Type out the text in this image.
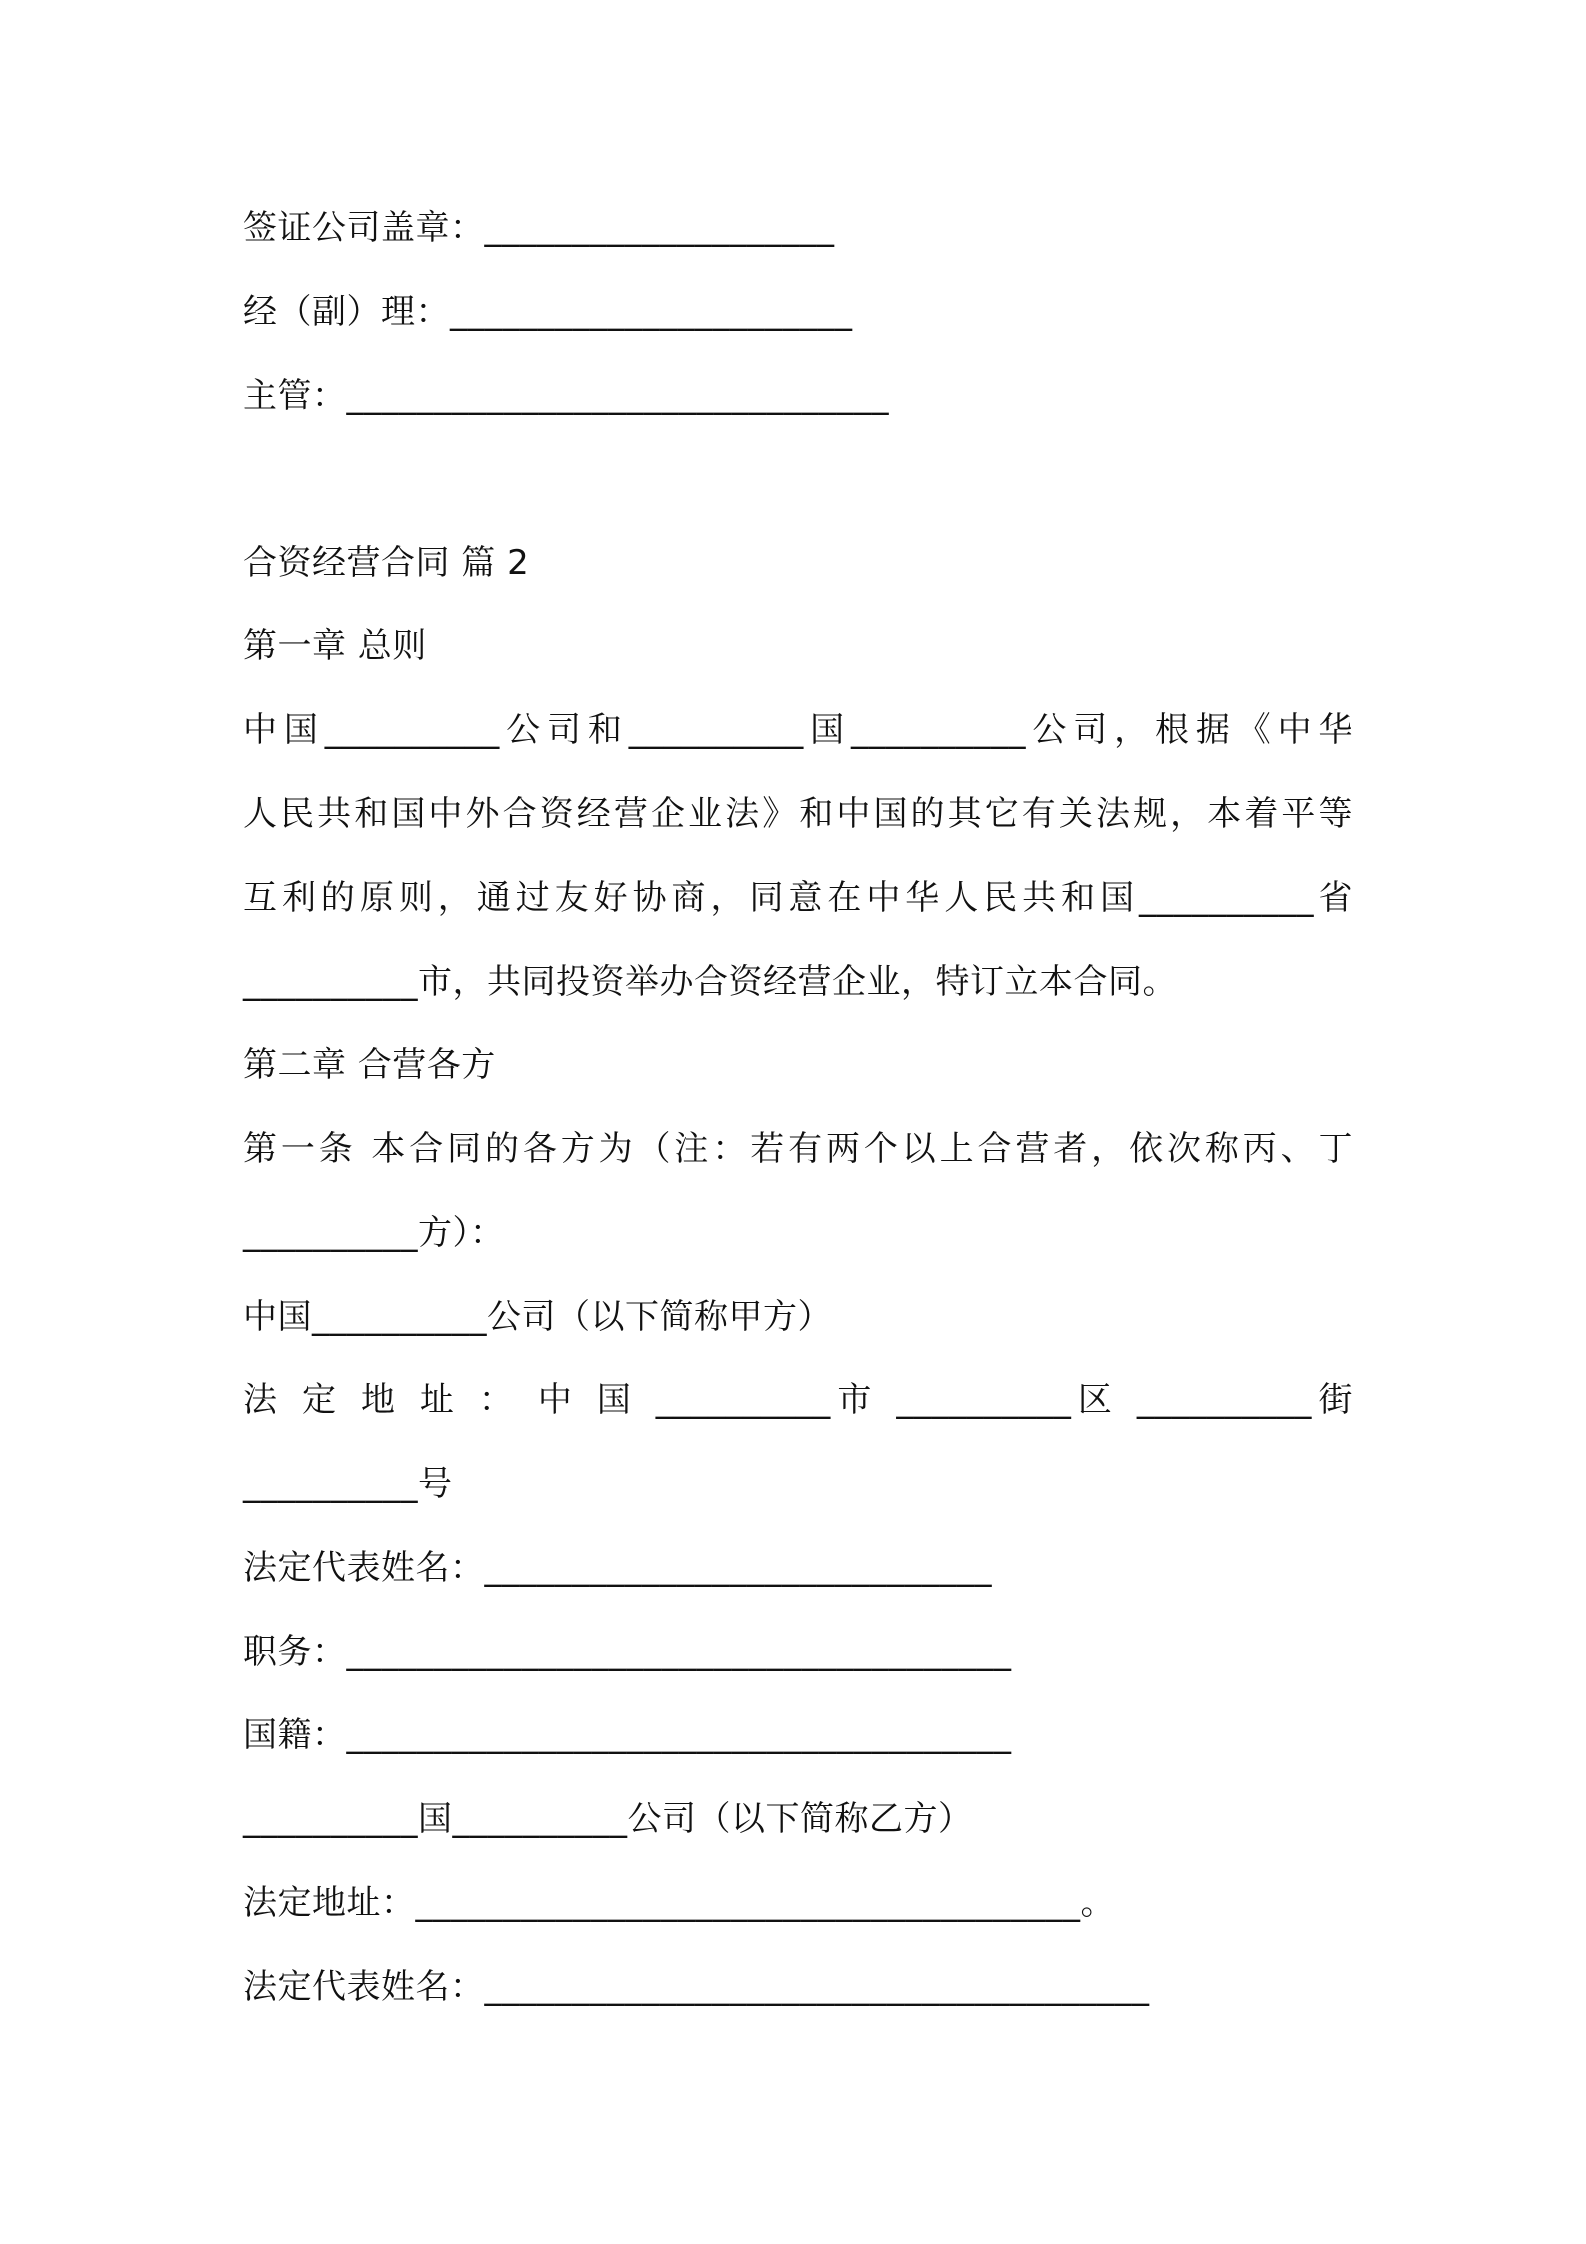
签证公司盖章：____________________
经（副）理：_______________________
主管：_______________________________
合资经营合同 篇 2
第一章 总则
中国__________公司和__________国__________公司，根据《中华
人民共和国中外合资经营企业法》和中国的其它有关法规，本着平等
互利的原则，通过友好协商，同意在中华人民共和国__________省
__________市，共同投资举办合资经营企业，特订立本合同。
第二章 合营各方
第一条 本合同的各方为（注：若有两个以上合营者，依次称丙、丁
__________方）：
中国__________公司（以下简称甲方）
法 定 地 址 ： 中 国 __________市 __________区 __________街
__________号
法定代表姓名：_____________________________
职务：______________________________________
国籍：______________________________________
__________国__________公司（以下简称乙方）
法定地址：______________________________________。
法定代表姓名：______________________________________
